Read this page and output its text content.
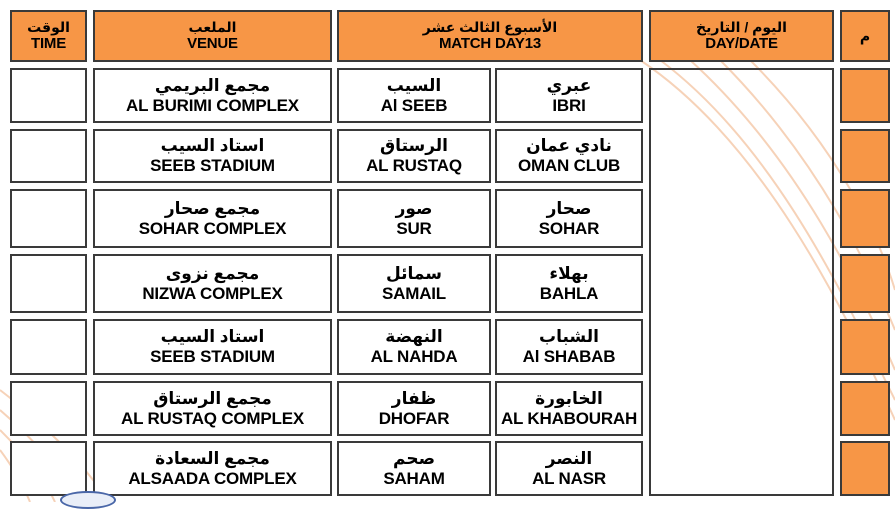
الوقت
TIME
الملعب
VENUE
الأسبوع الثالث عشر
MATCH DAY13
اليوم / التاريخ
DAY/DATE	م
مجمع البريمي
AL BURIMI COMPLEX
السيب
Al SEEB
عبري
IBRI
استاد السيب
SEEB STADIUM
الرستاق
AL RUSTAQ
نادي عمان
OMAN CLUB
مجمع صحار
SOHAR COMPLEX
صور
SUR
صحار
SOHAR
مجمع نزوى
NIZWA COMPLEX
سمائل
SAMAIL
بهلاء
BAHLA
استاد السيب
SEEB STADIUM
النهضة
AL NAHDA
الشباب
Al SHABAB
مجمع الرستاق
AL RUSTAQ COMPLEX
ظفار
DHOFAR
الخابورة
AL KHABOURAH
مجمع السعادة
ALSAADA COMPLEX
صحم
SAHAM
النصر
AL NASR
